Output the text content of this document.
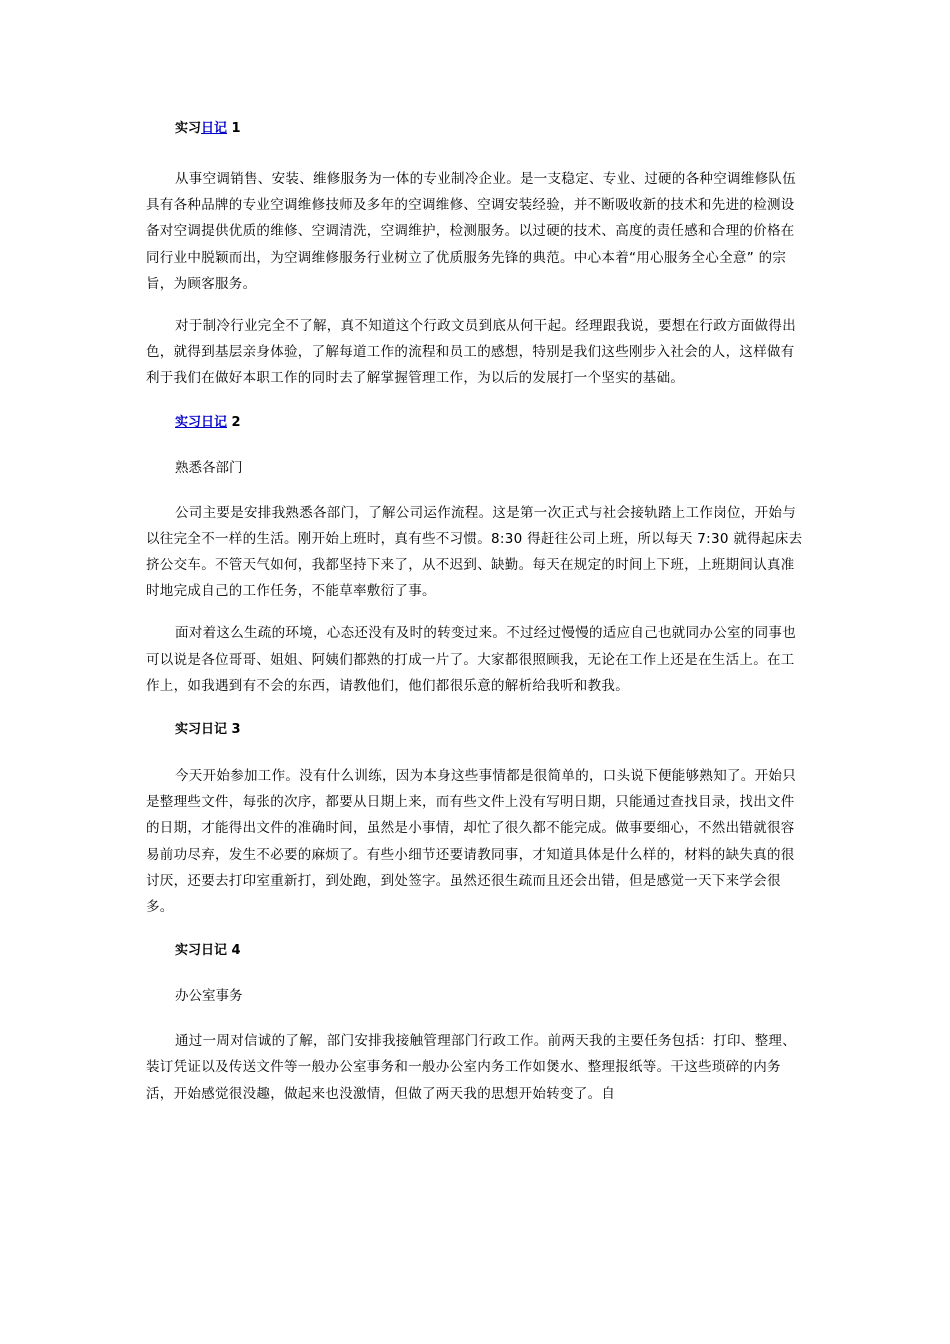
实习日记 1

从事空调销售、安装、维修服务为一体的专业制冷企业。是一支稳定、专业、过硬的各种空调维修队伍具有各种品牌的专业空调维修技师及多年的空调维修、空调安装经验，并不断吸收新的技术和先进的检测设备对空调提供优质的维修、空调清洗，空调维护，检测服务。以过硬的技术、高度的责任感和合理的价格在同行业中脱颖而出，为空调维修服务行业树立了优质服务先锋的典范。中心本着“用心服务全心全意” 的宗旨，为顾客服务。

对于制冷行业完全不了解，真不知道这个行政文员到底从何干起。经理跟我说，要想在行政方面做得出色，就得到基层亲身体验，了解每道工作的流程和员工的感想，特别是我们这些刚步入社会的人，这样做有利于我们在做好本职工作的同时去了解掌握管理工作，为以后的发展打一个坚实的基础。

实习日记 2
熟悉各部门

公司主要是安排我熟悉各部门，了解公司运作流程。这是第一次正式与社会接轨踏上工作岗位，开始与以往完全不一样的生活。刚开始上班时，真有些不习惯。8:30 得赶往公司上班，所以每天 7:30 就得起床去挤公交车。不管天气如何，我都坚持下来了，从不迟到、缺勤。每天在规定的时间上下班，上班期间认真准时地完成自己的工作任务，不能草率敷衍了事。

面对着这么生疏的环境，心态还没有及时的转变过来。不过经过慢慢的适应自己也就同办公室的同事也可以说是各位哥哥、姐姐、阿姨们都熟的打成一片了。大家都很照顾我，无论在工作上还是在生活上。在工作上，如我遇到有不会的东西，请教他们，他们都很乐意的解析给我听和教我。

实习日记 3

今天开始参加工作。没有什么训练，因为本身这些事情都是很简单的，口头说下便能够熟知了。开始只是整理些文件，每张的次序，都要从日期上来，而有些文件上没有写明日期，只能通过查找目录，找出文件的日期，才能得出文件的准确时间，虽然是小事情，却忙了很久都不能完成。做事要细心，不然出错就很容易前功尽弃，发生不必要的麻烦了。有些小细节还要请教同事，才知道具体是什么样的，材料的缺失真的很讨厌，还要去打印室重新打，到处跑，到处签字。虽然还很生疏而且还会出错，但是感觉一天下来学会很多。

实习日记 4
办公室事务

通过一周对信诚的了解，部门安排我接触管理部门行政工作。前两天我的主要任务包括：打印、整理、装订凭证以及传送文件等一般办公室事务和一般办公室内务工作如煲水、整理报纸等。干这些琐碎的内务活，开始感觉很没趣，做起来也没激情，但做了两天我的思想开始转变了。自
